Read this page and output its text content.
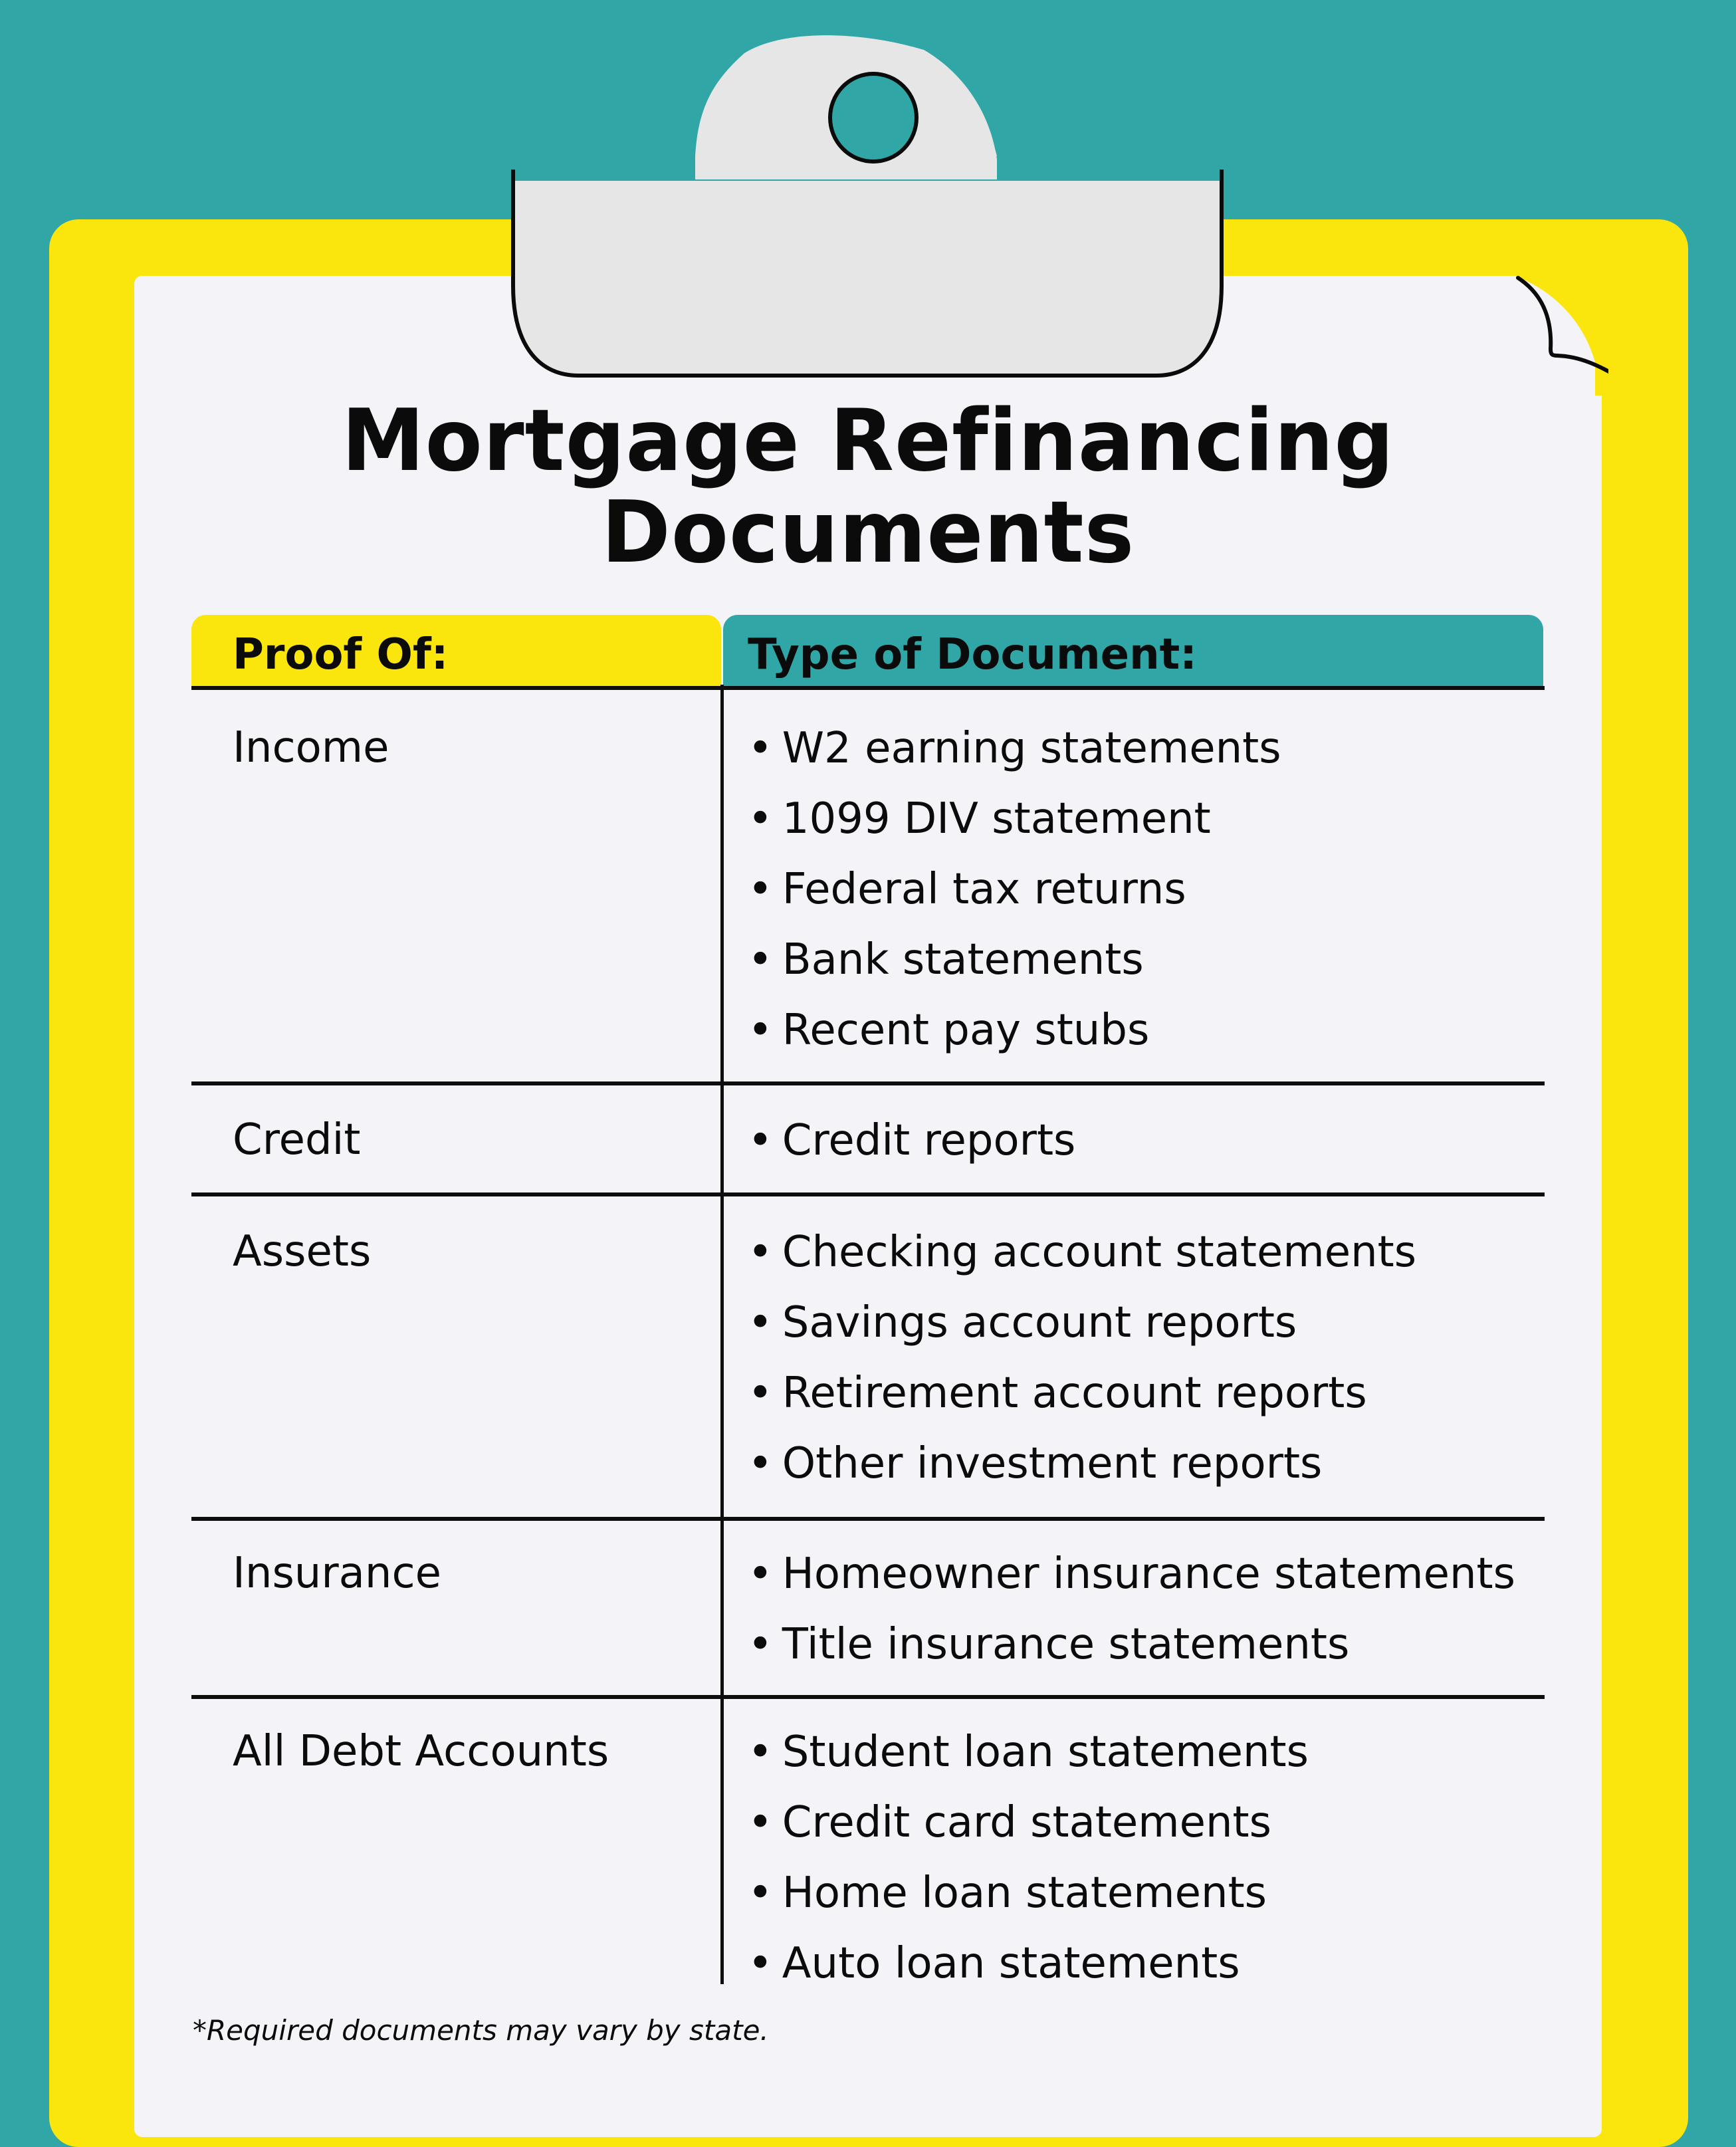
Mortgage Refinancing
Documents
Proof Of:	Type of Document:
Income	• W2 earning statements
• 1099 DIV statement
• Federal tax returns
• Bank statements
• Recent pay stubs
Credit	• Credit reports
Assets	• Checking account statements
• Savings account reports
• Retirement account reports
• Other investment reports
Insurance	• Homeowner insurance statements
• Title insurance statements
All Debt Accounts	• Student loan statements
• Credit card statements
• Home loan statements
• Auto loan statements
*Required documents may vary by state.
